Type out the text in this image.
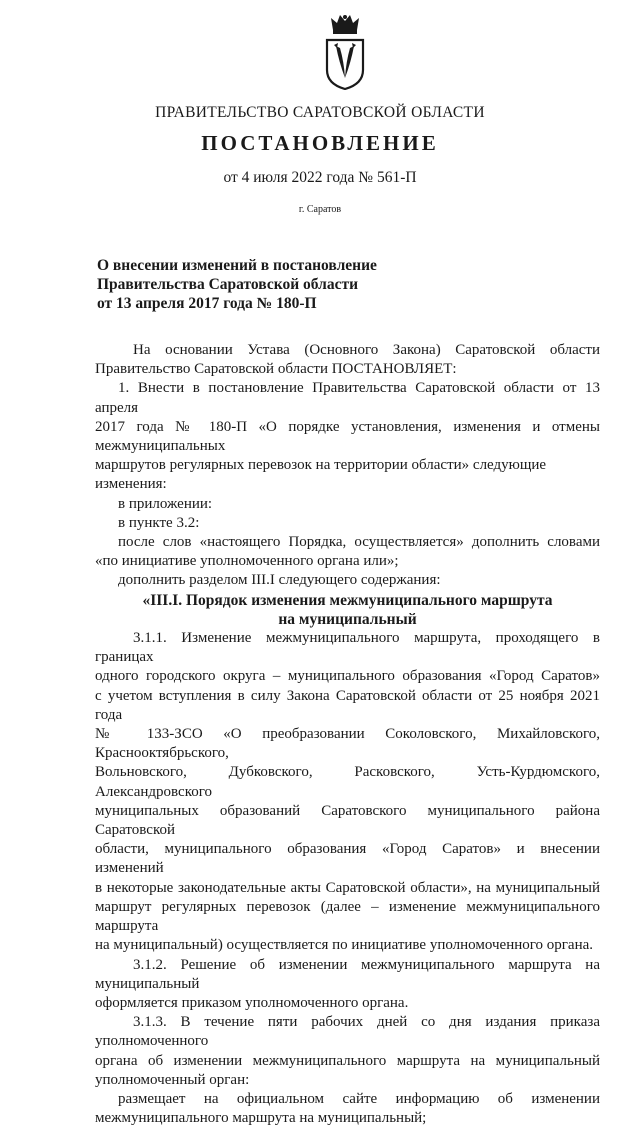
ПРАВИТЕЛЬСТВО САРАТОВСКОЙ ОБЛАСТИ
ПОСТАНОВЛЕНИЕ
от 4 июля 2022 года № 561-П
г. Саратов
О внесении изменений в постановление
Правительства Саратовской области
от 13 апреля 2017 года № 180-П

На основании Устава (Основного Закона) Саратовской области

Правительство Саратовской области ПОСТАНОВЛЯЕТ:

1. Внести в постановление Правительства Саратовской области от 13 апреля

2017 года № 180-П «О порядке установления, изменения и отмены межмуниципальных

маршрутов регулярных перевозок на территории области» следующие изменения:

в приложении:

в пункте 3.2:

после слов «настоящего Порядка, осуществляется» дополнить словами

«по инициативе уполномоченного органа или»;

дополнить разделом III.I следующего содержания:

«III.I. Порядок изменения межмуниципального маршрута

на муниципальный

3.1.1. Изменение межмуниципального маршрута, проходящего в границах

одного городского округа – муниципального образования «Город Саратов»

с учетом вступления в силу Закона Саратовской области от 25 ноября 2021 года

№ 133-ЗСО «О преобразовании Соколовского, Михайловского, Краснооктябрьского,

Вольновского, Дубковского, Расковского, Усть-Курдюмского, Александровского

муниципальных образований Саратовского муниципального района Саратовской

области, муниципального образования «Город Саратов» и внесении изменений

в некоторые законодательные акты Саратовской области», на муниципальный

маршрут регулярных перевозок (далее – изменение межмуниципального маршрута

на муниципальный) осуществляется по инициативе уполномоченного органа.

3.1.2. Решение об изменении межмуниципального маршрута на муниципальный

оформляется приказом уполномоченного органа.

3.1.3. В течение пяти рабочих дней со дня издания приказа уполномоченного

органа об изменении межмуниципального маршрута на муниципальный

уполномоченный орган:

размещает на официальном сайте информацию об изменении

межмуниципального маршрута на муниципальный;
